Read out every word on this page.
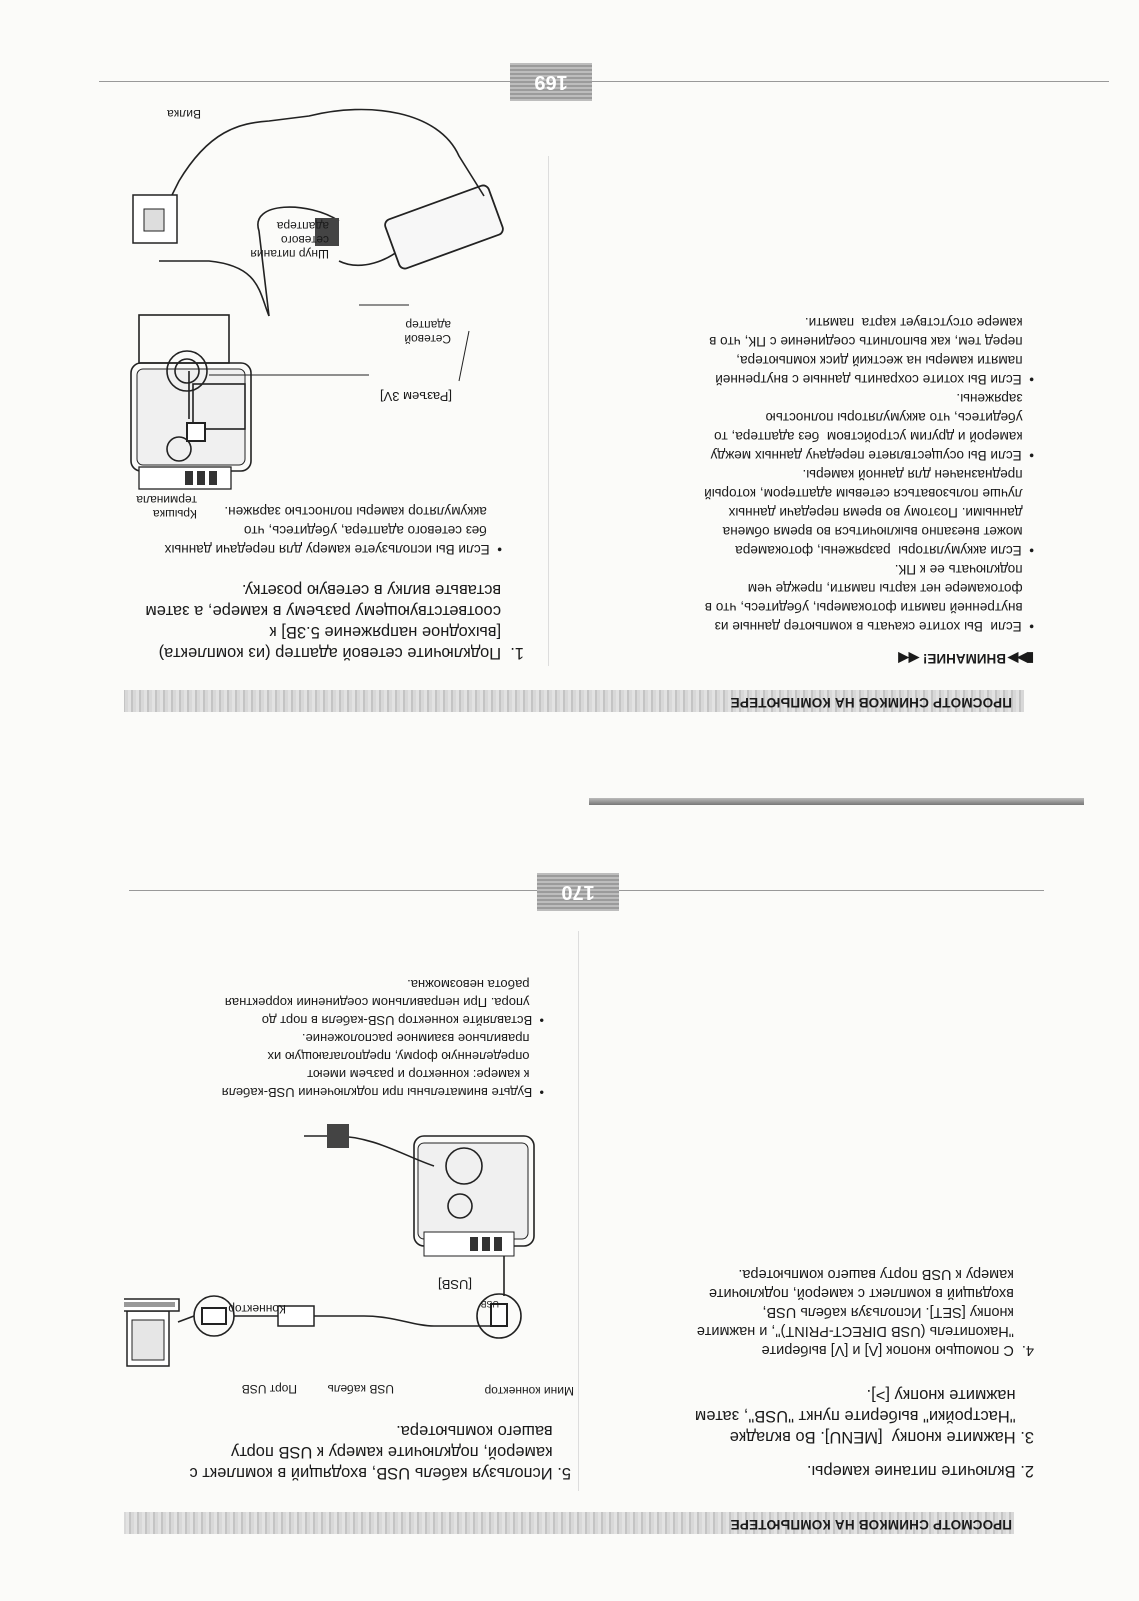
ПРОСМОТР СНИМКОВ НА КОМПЬЮТЕРЕ
1.  Подключите сетевой адаптер (из комплекта)
[выходное напряжение 5.3В] к
соответствующему разъему в камере, а затем
вставьте вилку в сетевую розетку.
•  Если Вы используете камеру для передачи данных
без сетевого адаптера, убедитесь, что
аккумулятор камеры полностью заряжен.
▮▶▶ ВНИМАНИЕ! ◀◀
•  Если  Вы хотите скачать в компьютер данные из
внутренней памяти фотокамеры, убедитесь, что в
фотокамере нет карты памяти, прежде чем
подключать ее к ПК.
•  Если аккумуляторы  разряжены, фотокамера
может внезапно выключиться во время обмена
данными. Поэтому во время передачи данных
лучше пользоваться сетевым адаптером, который
предназначен для данной камеры.
•  Если Вы осуществляете передачу данных между
камерой и другим устройством  без адаптера, то
убедитесь, что аккумуляторы полностью
заряжены.
•  Если Вы хотите сохранить данные с внутренней
памяти камеры на жесткий диск компьютера,
перед тем, как выполнить соединение с ПК, что в
камере отсутствует карта  памяти.
Вилка
Шнур питания
сетевого
адаптера
Сетевой
адаптер
[Разъем 3V]
Крышка
терминала
169
ПРОСМОТР СНИМКОВ НА КОМПЬЮТЕРЕ
2. Включите питание камеры.
3. Нажмите кнопку  [MENU]. Во вкладке
"Настройки" выберите пункт "USB", затем
нажмите кнопку [>].
4.  С помощью кнопок [Λ] и [V] выберите
"Накопитель (USB DIRECT-PRINT)", и нажмите
кнопку [SET]. Используя кабель USB,
входящий в комплект с камерой, подключите
камеру к USB порту вашего компьютера.
5. Используя кабель USB, входящий в комплект с
камерой, подключите камеру к USB порту
вашего компьютера.
Мини коннектор
USB кабель
Порт USB
Коннектор
[USB]
USB
•  Будьте внимательны при подключении USB-кабеля
к камере: коннектор и разъем имеют
определенную форму, предполагающую их
правильное взаимное расположение.
•  Вставляйте коннектор USB-кабеля в порт до
упора. При неправильном соединении корректная
работа невозможна.
170
